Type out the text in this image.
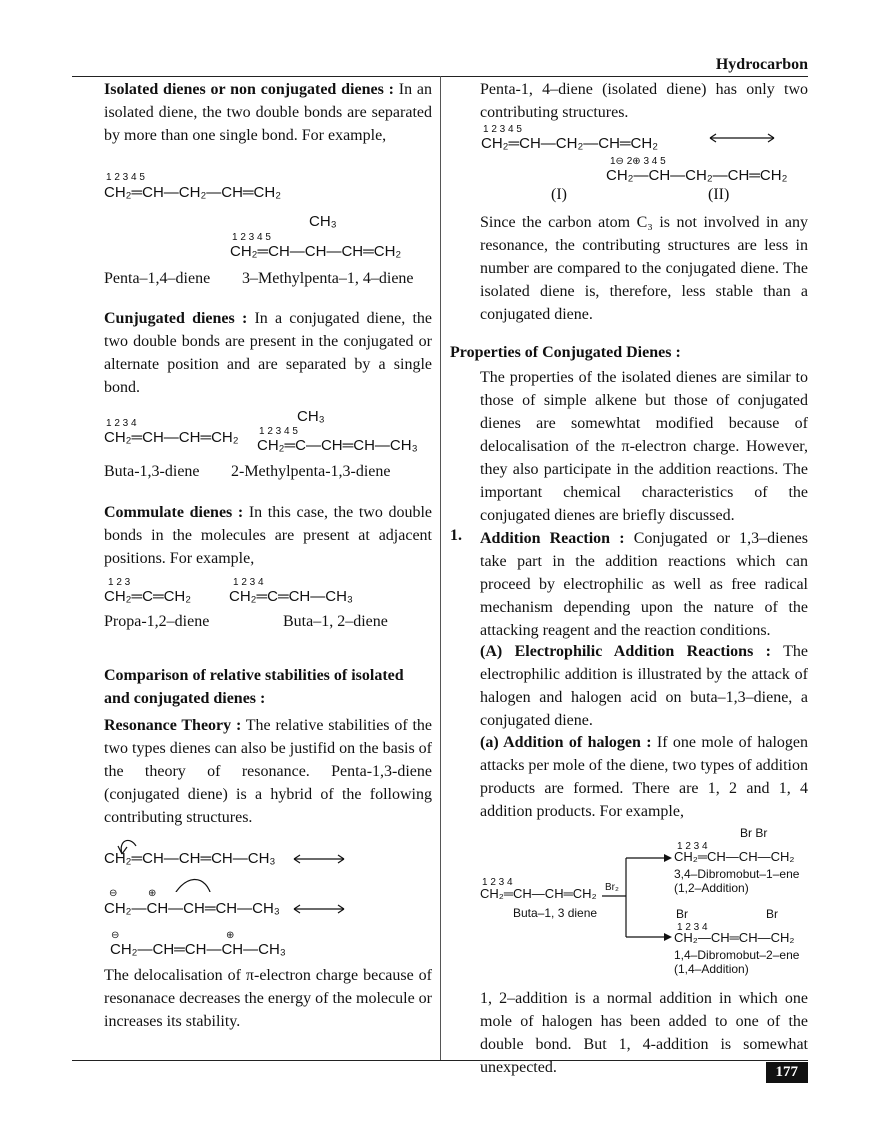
Hydrocarbon
177

Isolated dienes or non conjugated dienes : In an isolated diene, the two double bonds are separated by more than one single bond. For example,

1 2 3 4 5
CH₂═CH—CH₂—CH═CH₂
CH₃
1 2 3 4 5
CH₂═CH—CH—CH═CH₂
Penta–1,4–diene 3–Methylpenta–1, 4–diene

Cunjugated dienes : In a conjugated diene, the two double bonds are present in the conjugated or alternate position and are separated by a single bond.

CH₃
1 2 3 4
CH₂═CH—CH═CH₂ 1 2 3 4 5
CH₂═C—CH═CH—CH₃
Buta-1,3-diene 2-Methylpenta-1,3-diene

Commulate dienes : In this case, the two double bonds in the molecules are present at adjacent positions. For example,

1 2 3
CH₂═C═CH₂
1 2 3 4
CH₂═C═CH—CH₃
Propa-1,2–diene	Buta–1, 2–diene

Comparison of relative stabilities of isolated and conjugated dienes :

Resonance Theory : The relative stabilities of the two types dienes can also be justifid on the basis of the theory of resonance. Penta-1,3-diene (conjugated diene) is a hybrid of the following contributing structures.

CH₂═CH—CH═CH—CH₃
⊖	⊕
CH₂—CH—CH═CH—CH₃
⊖	⊕
CH₂—CH═CH—CH—CH₃

The delocalisation of π-electron charge because of resonanace decreases the energy of the molecule or increases its stability.

Penta-1, 4–diene (isolated diene) has only two contributing structures.

1 2 3 4 5
CH₂═CH—CH₂—CH═CH₂
1⊖ 2⊕ 3 4 5
CH₂—CH—CH₂—CH═CH₂
(I)	(II)

Since the carbon atom C₃ is not involved in any resonance, the contributing structures are less in number are compared to the conjugated diene. The isolated diene is, therefore, less stable than a conjugated diene.

Properties of Conjugated Dienes :

The properties of the isolated dienes are similar to those of simple alkene but those of conjugated dienes are somewhtat modified because of delocalisation of the π-electron charge. However, they also participate in the addition reactions. The important chemical characteristics of the conjugated dienes are briefly discussed.

1. Addition Reaction : Conjugated or 1,3–dienes take part in the addition reactions which can proceed by electrophilic as well as free radical mechanism depending upon the nature of the attacking reagent and the reaction conditions.

(A) Electrophilic Addition Reactions : The electrophilic addition is illustrated by the attack of halogen and halogen acid on buta–1,3–diene, a conjugated diene.

(a) Addition of halogen : If one mole of halogen attacks per mole of the diene, two types of addition products are formed. There are 1, 2 and 1, 4 addition products. For example,

1 2 3 4
CH₂═CH—CH═CH₂
Buta–1, 3 diene
Br₂
Br Br
1 2 3 4
CH₂═CH—CH—CH₂
3,4–Dibromobut–1–ene
(1,2–Addition)
Br	Br
1 2 3 4
CH₂—CH═CH—CH₂
1,4–Dibromobut–2–ene
(1,4–Addition)

1, 2–addition is a normal addition in which one mole of halogen has been added to one of the double bond. But 1, 4-addition is somewhat unexpected.
